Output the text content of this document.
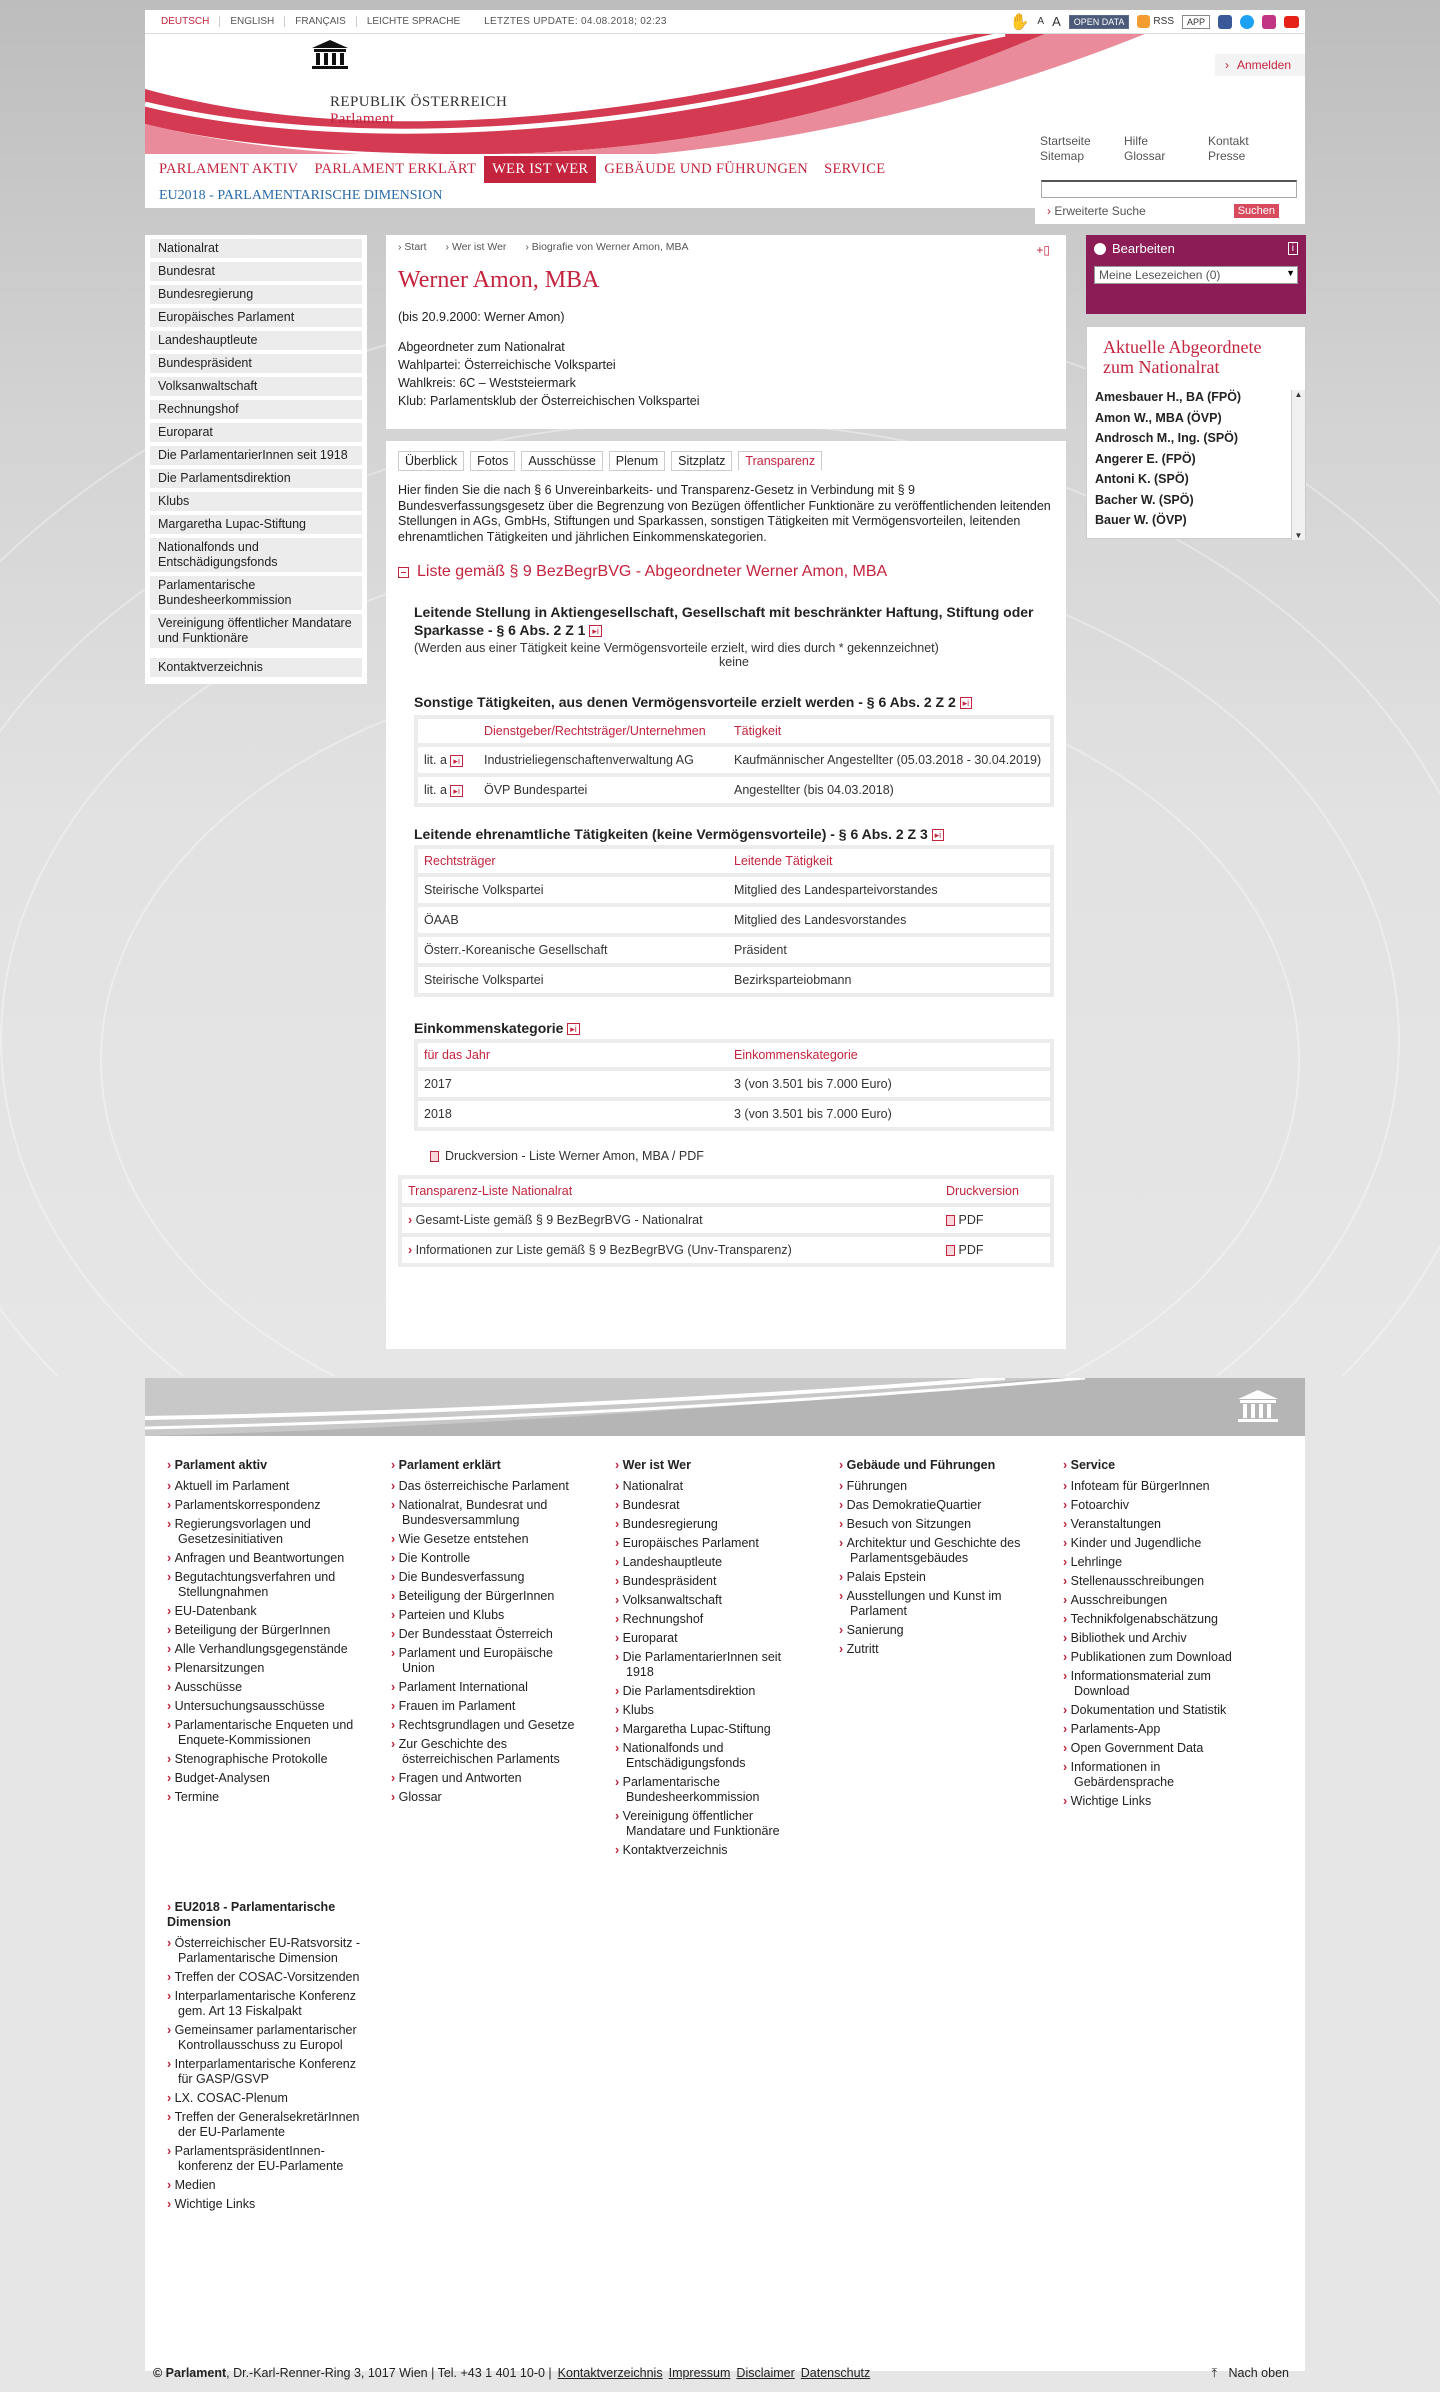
DEUTSCH	ENGLISH	FRANÇAIS	LEICHTE SPRACHE	LETZTES UPDATE: 04.08.2018; 02:23	✋ A A	OPEN DATA	RSS	APP
REPUBLIK ÖSTERREICH
Parlament
› Anmelden
PARLAMENT AKTIV	PARLAMENT ERKLÄRT	WER IST WER	GEBÄUDE UND FÜHRUNGEN	SERVICE
EU2018 - PARLAMENTARISCHE DIMENSION
Startseite	Hilfe	Kontakt
Sitemap	Glossar	Presse
› Erweiterte Suche	Suchen
Nationalrat
Bundesrat
Bundesregierung
Europäisches Parlament
Landeshauptleute
Bundespräsident
Volksanwaltschaft
Rechnungshof
Europarat
Die ParlamentarierInnen seit 1918
Die Parlamentsdirektion
Klubs
Margaretha Lupac-Stiftung
Nationalfonds und Entschädigungsfonds
Parlamentarische Bundesheerkommission
Vereinigung öffentlicher Mandatare und Funktionäre
Kontaktverzeichnis
› Start › Wer ist Wer › Biografie von Werner Amon, MBA	+▯
Werner Amon, MBA
(bis 20.9.2000: Werner Amon)
Abgeordneter zum Nationalrat
Wahlpartei: Österreichische Volkspartei
Wahlkreis: 6C – Weststeiermark
Klub: Parlamentsklub der Österreichischen Volkspartei
Überblick	Fotos	Ausschüsse	Plenum	Sitzplatz	Transparenz
Hier finden Sie die nach § 6 Unvereinbarkeits- und Transparenz-Gesetz in Verbindung mit § 9 Bundesverfassungsgesetz über die Begrenzung von Bezügen öffentlicher Funktionäre zu veröffentlichenden leitenden Stellungen in AGs, GmbHs, Stiftungen und Sparkassen, sonstigen Tätigkeiten mit Vermögensvorteilen, leitenden ehrenamtlichen Tätigkeiten und jährlichen Einkommenskategorien.
Liste gemäß § 9 BezBegrBVG - Abgeordneter Werner Amon, MBA
Leitende Stellung in Aktiengesellschaft, Gesellschaft mit beschränkter Haftung, Stiftung oder Sparkasse - § 6 Abs. 2 Z 1 ▸i
(Werden aus einer Tätigkeit keine Vermögensvorteile erzielt, wird dies durch * gekennzeichnet)
keine
Sonstige Tätigkeiten, aus denen Vermögensvorteile erzielt werden - § 6 Abs. 2 Z 2 ▸i
	Dienstgeber/Rechtsträger/Unternehmen	Tätigkeit
lit. a ▸i	Industrieliegenschaftenverwaltung AG	Kaufmännischer Angestellter (05.03.2018 - 30.04.2019)
lit. a ▸i	ÖVP Bundespartei	Angestellter (bis 04.03.2018)
Leitende ehrenamtliche Tätigkeiten (keine Vermögensvorteile) - § 6 Abs. 2 Z 3 ▸i
Rechtsträger	Leitende Tätigkeit
Steirische Volkspartei	Mitglied des Landesparteivorstandes
ÖAAB	Mitglied des Landesvorstandes
Österr.-Koreanische Gesellschaft	Präsident
Steirische Volkspartei	Bezirksparteiobmann
Einkommenskategorie ▸i
für das Jahr	Einkommenskategorie
2017	3 (von 3.501 bis 7.000 Euro)
2018	3 (von 3.501 bis 7.000 Euro)
Druckversion - Liste Werner Amon, MBA / PDF
Transparenz-Liste Nationalrat	Druckversion
› Gesamt-Liste gemäß § 9 BezBegrBVG - Nationalrat	PDF
› Informationen zur Liste gemäß § 9 BezBegrBVG (Unv-Transparenz)	PDF
Bearbeiten	i
Meine Lesezeichen (0) ▼
Aktuelle Abgeordnete zum Nationalrat
Amesbauer H., BA (FPÖ)
Amon W., MBA (ÖVP)
Androsch M., Ing. (SPÖ)
Angerer E. (FPÖ)
Antoni K. (SPÖ)
Bacher W. (SPÖ)
Bauer W. (ÖVP)
▲
▼
› Parlament aktiv
› Aktuell im Parlament
› Parlamentskorrespondenz
› Regierungsvorlagen und Gesetzesinitiativen
› Anfragen und Beantwortungen
› Begutachtungsverfahren und Stellungnahmen
› EU-Datenbank
› Beteiligung der BürgerInnen
› Alle Verhandlungsgegenstände
› Plenarsitzungen
› Ausschüsse
› Untersuchungsausschüsse
› Parlamentarische Enqueten und Enquete-Kommissionen
› Stenographische Protokolle
› Budget-Analysen
› Termine
› Parlament erklärt
› Das österreichische Parlament
› Nationalrat, Bundesrat und Bundesversammlung
› Wie Gesetze entstehen
› Die Kontrolle
› Die Bundesverfassung
› Beteiligung der BürgerInnen
› Parteien und Klubs
› Der Bundesstaat Österreich
› Parlament und Europäische Union
› Parlament International
› Frauen im Parlament
› Rechtsgrundlagen und Gesetze
› Zur Geschichte des österreichischen Parlaments
› Fragen und Antworten
› Glossar
› Wer ist Wer
› Nationalrat
› Bundesrat
› Bundesregierung
› Europäisches Parlament
› Landeshauptleute
› Bundespräsident
› Volksanwaltschaft
› Rechnungshof
› Europarat
› Die ParlamentarierInnen seit 1918
› Die Parlamentsdirektion
› Klubs
› Margaretha Lupac-Stiftung
› Nationalfonds und Entschädigungsfonds
› Parlamentarische Bundesheerkommission
› Vereinigung öffentlicher Mandatare und Funktionäre
› Kontaktverzeichnis
› Gebäude und Führungen
› Führungen
› Das DemokratieQuartier
› Besuch von Sitzungen
› Architektur und Geschichte des Parlamentsgebäudes
› Palais Epstein
› Ausstellungen und Kunst im Parlament
› Sanierung
› Zutritt
› Service
› Infoteam für BürgerInnen
› Fotoarchiv
› Veranstaltungen
› Kinder und Jugendliche
› Lehrlinge
› Stellenausschreibungen
› Ausschreibungen
› Technikfolgenabschätzung
› Bibliothek und Archiv
› Publikationen zum Download
› Informationsmaterial zum Download
› Dokumentation und Statistik
› Parlaments-App
› Open Government Data
› Informationen in Gebärdensprache
› Wichtige Links
› EU2018 - Parlamentarische Dimension
› Österreichischer EU-Ratsvorsitz - Parlamentarische Dimension
› Treffen der COSAC-Vorsitzenden
› Interparlamentarische Konferenz gem. Art 13 Fiskalpakt
› Gemeinsamer parlamentarischer Kontrollausschuss zu Europol
› Interparlamentarische Konferenz für GASP/GSVP
› LX. COSAC-Plenum
› Treffen der GeneralsekretärInnen der EU-Parlamente
› ParlamentspräsidentInnen-konferenz der EU-Parlamente
› Medien
› Wichtige Links
© Parlament , Dr.-Karl-Renner-Ring 3, 1017 Wien | Tel. +43 1 401 10-0 | Kontaktverzeichnis Impressum Disclaimer Datenschutz	⤒ Nach oben
